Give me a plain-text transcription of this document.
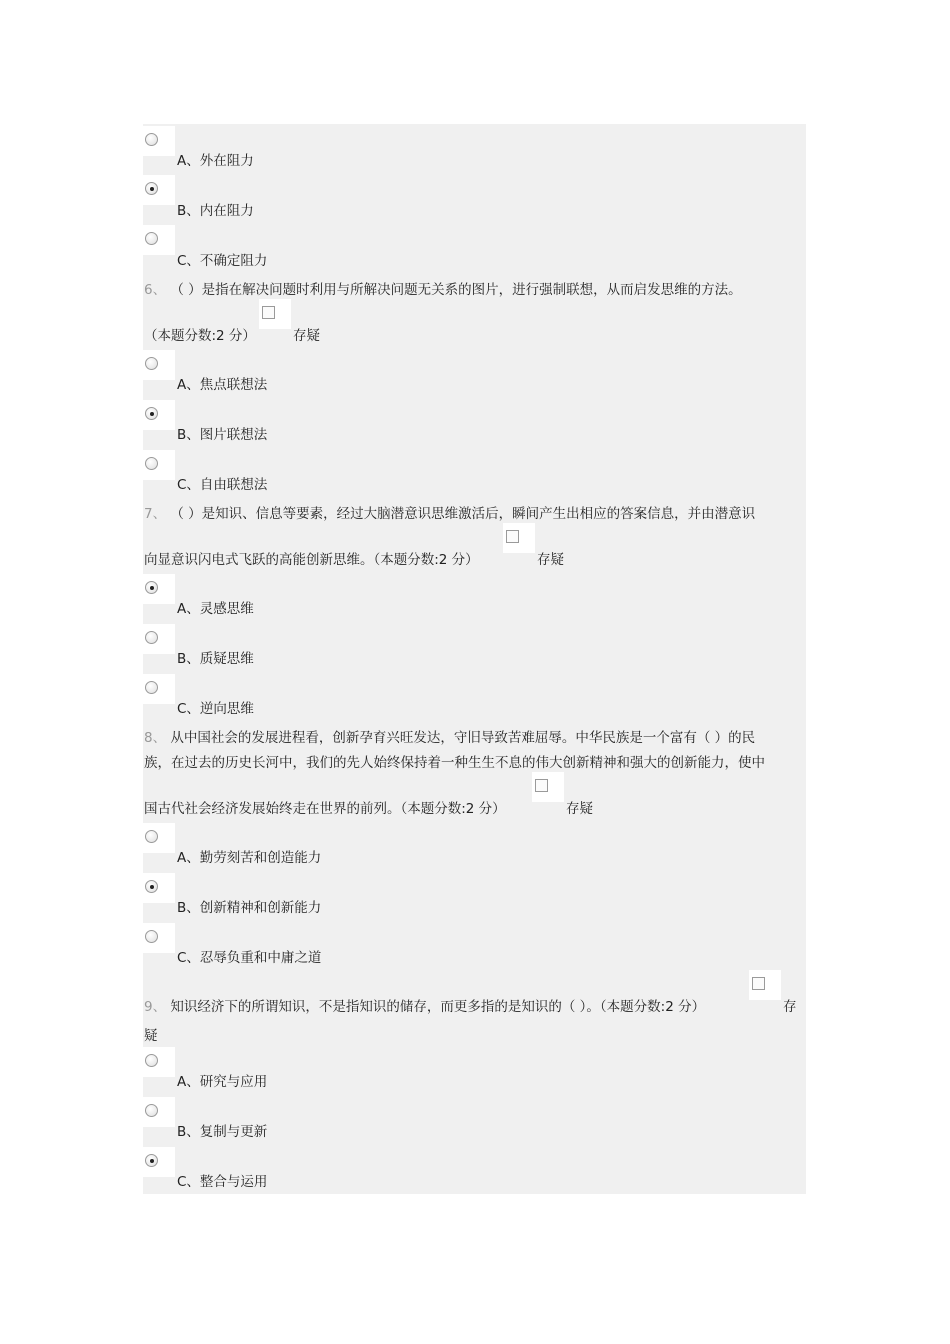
A、外在阻力
B、内在阻力
C、不确定阻力
6、 （ ）是指在解决问题时利用与所解决问题无关系的图片，进行强制联想，从而启发思维的方法。
（本题分数:2 分）	存疑
A、焦点联想法
B、图片联想法
C、自由联想法
7、 （ ）是知识、信息等要素，经过大脑潜意识思维激活后，瞬间产生出相应的答案信息，并由潜意识
向显意识闪电式飞跃的高能创新思维。（本题分数:2 分）	存疑
A、灵感思维
B、质疑思维
C、逆向思维
8、 从中国社会的发展进程看，创新孕育兴旺发达，守旧导致苦难屈辱。中华民族是一个富有（ ）的民
族，在过去的历史长河中，我们的先人始终保持着一种生生不息的伟大创新精神和强大的创新能力，使中
国古代社会经济发展始终走在世界的前列。（本题分数:2 分）	存疑
A、勤劳刻苦和创造能力
B、创新精神和创新能力
C、忍辱负重和中庸之道
9、 知识经济下的所谓知识，不是指知识的储存，而更多指的是知识的（ ）。（本题分数:2 分）	存
疑
A、研究与应用
B、复制与更新
C、整合与运用
